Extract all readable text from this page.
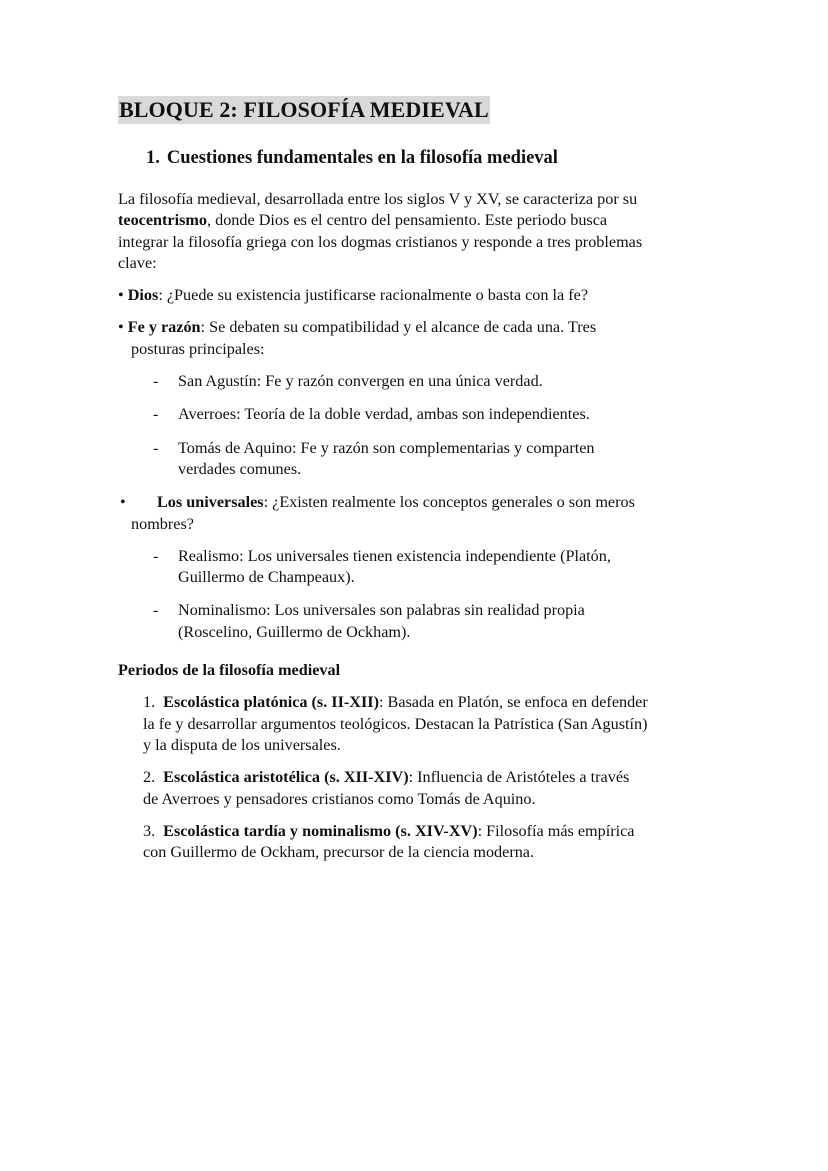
BLOQUE 2: FILOSOFÍA MEDIEVAL
1. Cuestiones fundamentales en la filosofía medieval
La filosofía medieval, desarrollada entre los siglos V y XV, se caracteriza por su
teocentrismo, donde Dios es el centro del pensamiento. Este periodo busca
integrar la filosofía griega con los dogmas cristianos y responde a tres problemas
clave:
• Dios: ¿Puede su existencia justificarse racionalmente o basta con la fe?
• Fe y razón: Se debaten su compatibilidad y el alcance de cada una. Tres
posturas principales:
- San Agustín: Fe y razón convergen en una única verdad.
- Averroes: Teoría de la doble verdad, ambas son independientes.
- Tomás de Aquino: Fe y razón son complementarias y comparten
verdades comunes.
• Los universales: ¿Existen realmente los conceptos generales o son meros
nombres?
- Realismo: Los universales tienen existencia independiente (Platón,
Guillermo de Champeaux).
- Nominalismo: Los universales son palabras sin realidad propia
(Roscelino, Guillermo de Ockham).
Periodos de la filosofía medieval
1. Escolástica platónica (s. II-XII): Basada en Platón, se enfoca en defender
la fe y desarrollar argumentos teológicos. Destacan la Patrística (San Agustín)
y la disputa de los universales.
2. Escolástica aristotélica (s. XII-XIV): Influencia de Aristóteles a través
de Averroes y pensadores cristianos como Tomás de Aquino.
3. Escolástica tardía y nominalismo (s. XIV-XV): Filosofía más empírica
con Guillermo de Ockham, precursor de la ciencia moderna.
